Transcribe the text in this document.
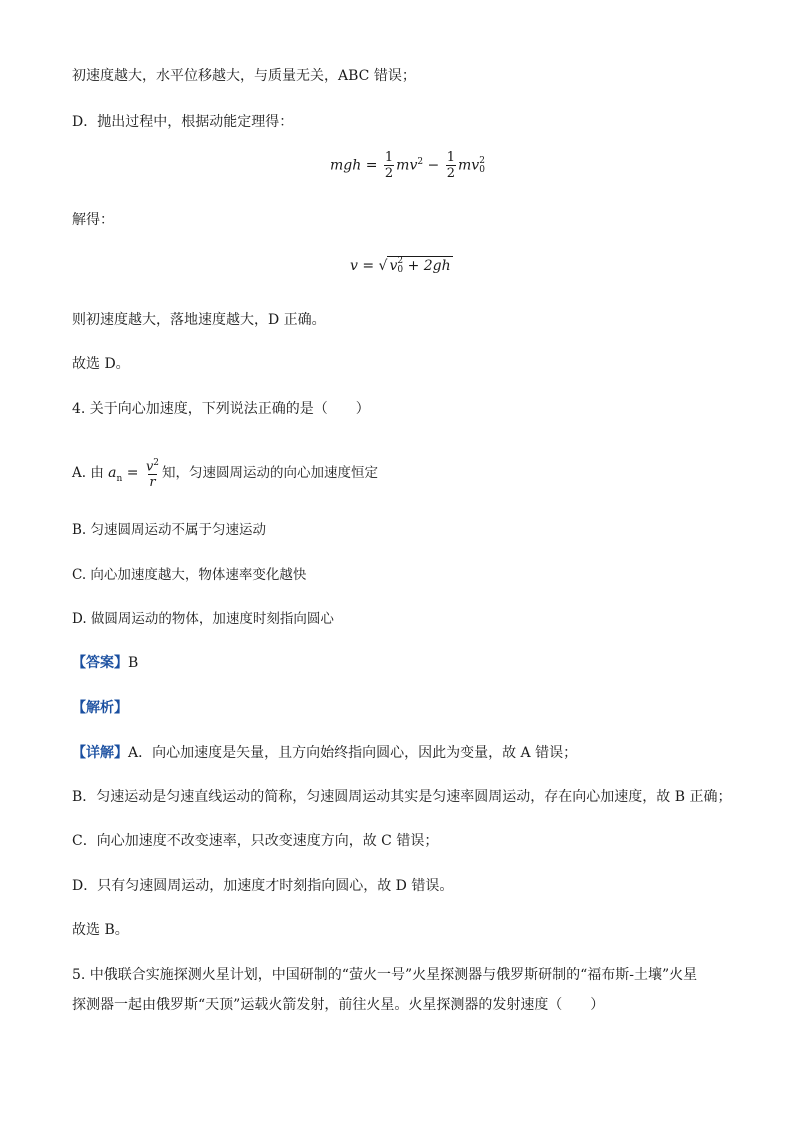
初速度越大，水平位移越大，与质量无关，ABC 错误；
D．抛出过程中，根据动能定理得：
mgh = $\frac{1}{2} mv^2 - \frac{1}{2}$ mv 2
0
解得：
v = √ v 2
0 + 2gh
则初速度越大，落地速度越大，D 正确。
故选 D。
4. 关于向心加速度，下列说法正确的是（　　）
A. 由 $a_n = \frac{v^2}{r}$ 知，匀速圆周运动的向心加速度恒定
B. 匀速圆周运动不属于匀速运动
C. 向心加速度越大，物体速率变化越快
D. 做圆周运动的物体，加速度时刻指向圆心
【答案】B
【解析】
【详解】A．向心加速度是矢量，且方向始终指向圆心，因此为变量，故 A 错误；
B．匀速运动是匀速直线运动的简称，匀速圆周运动其实是匀速率圆周运动，存在向心加速度，故 B 正确；
C．向心加速度不改变速率，只改变速度方向，故 C 错误；
D．只有匀速圆周运动，加速度才时刻指向圆心，故 D 错误。
故选 B。
5. 中俄联合实施探测火星计划，中国研制的“萤火一号”火星探测器与俄罗斯研制的“福布斯-土壤”火星
探测器一起由俄罗斯“天顶”运载火箭发射，前往火星。火星探测器的发射速度（　　）
